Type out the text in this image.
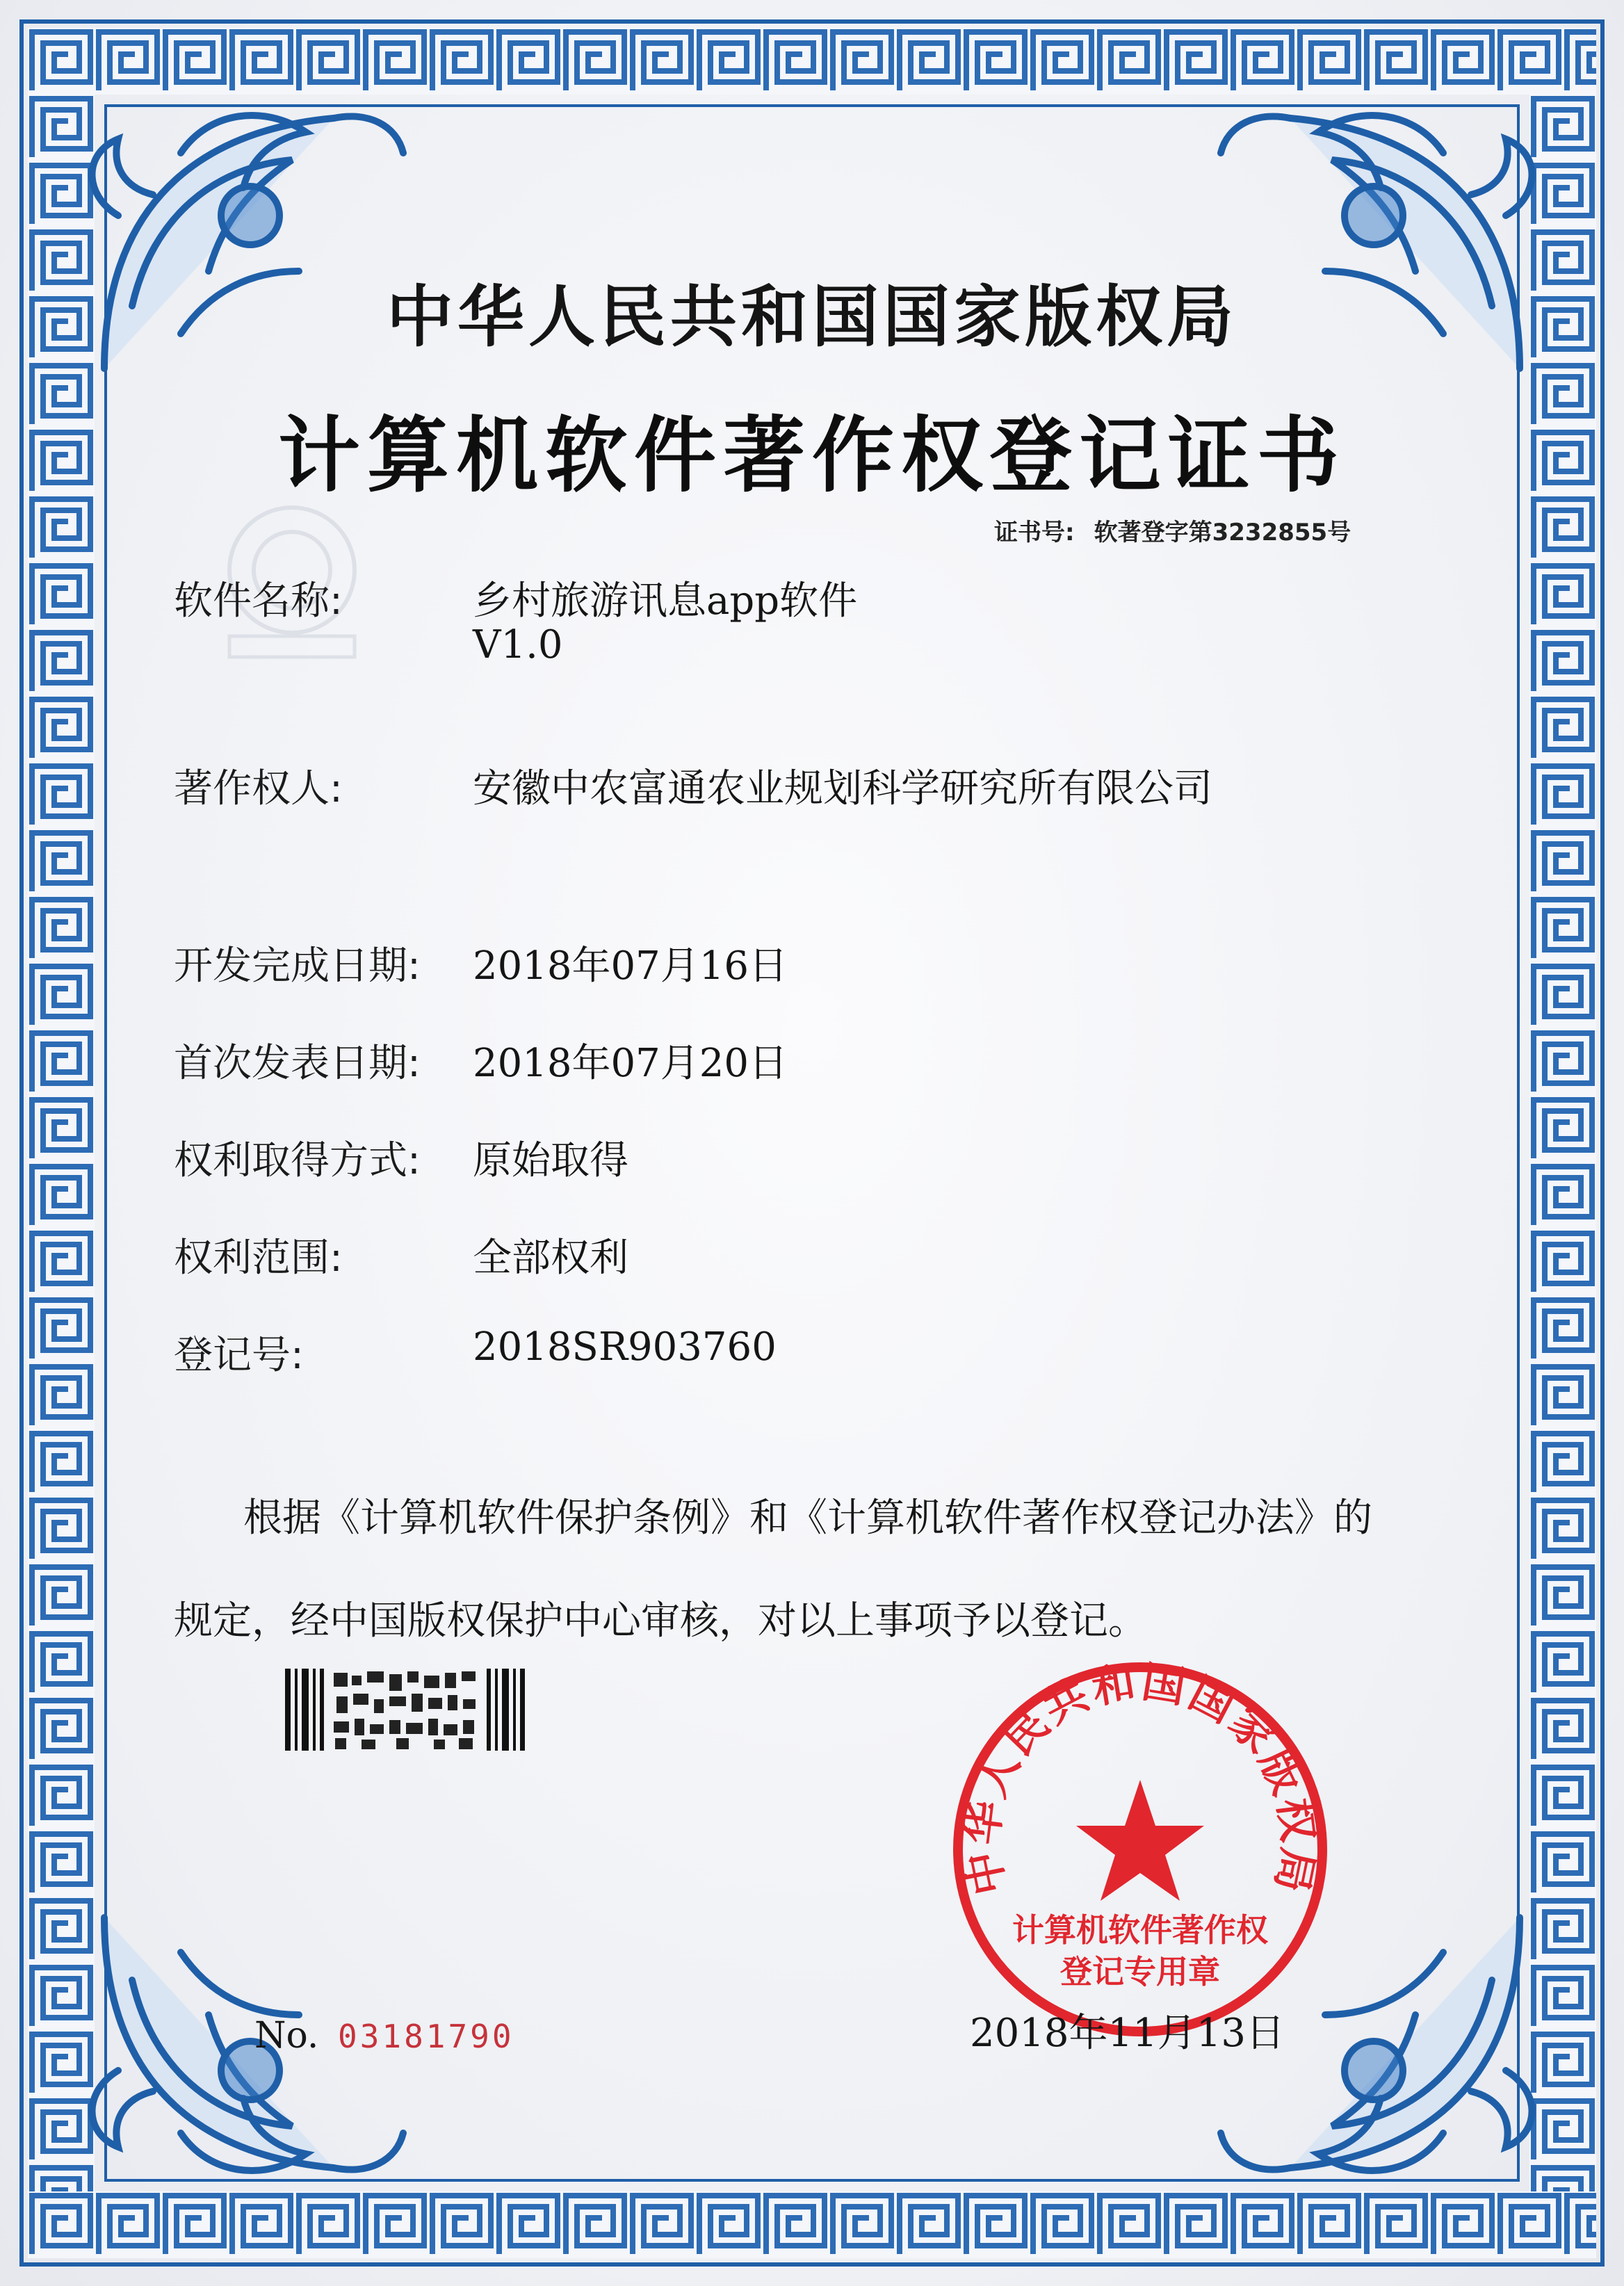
中华人民共和国国家版权局
计算机软件著作权登记证书
证书号: 软著登字第3232855号
软件名称:	乡村旅游讯息app软件
V1.0
著作权人:	安徽中农富通农业规划科学研究所有限公司
开发完成日期: 2018年07月16日
首次发表日期: 2018年07月20日
权利取得方式: 原始取得
权利范围:	全部权利
登记号:	2018SR903760
根据《计算机软件保护条例》和《计算机软件著作权登记办法》的
规定，经中国版权保护中心审核，对以上事项予以登记。
中华人民共和国国家版权局
计算机软件著作权
登记专用章
No. 03181790	2018年11月13日
